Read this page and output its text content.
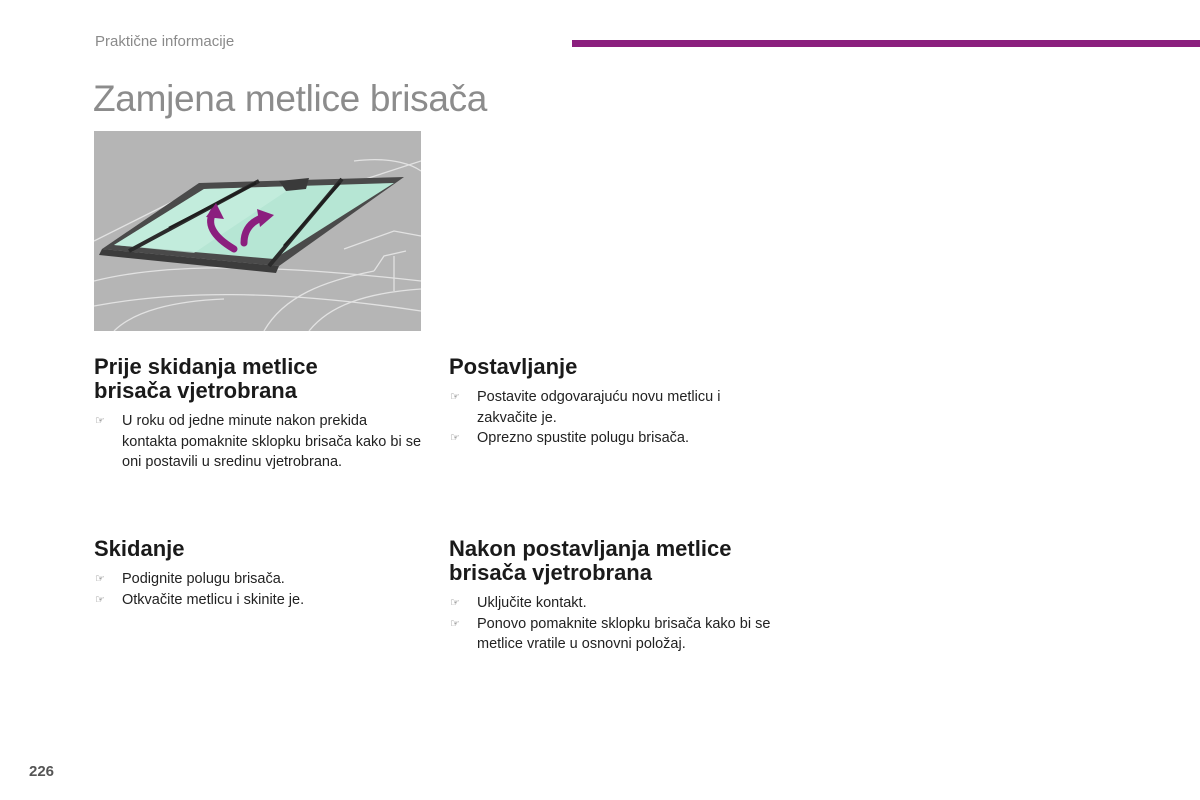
Praktične informacije
Zamjena metlice brisača
Prije skidanja metlice
brisača vjetrobrana
☞ U roku od jedne minute nakon prekida kontakta pomaknite sklopku brisača kako bi se oni postavili u sredinu vjetrobrana.
Postavljanje
☞ Postavite odgovarajuću novu metlicu i zakvačite je.
☞ Oprezno spustite polugu brisača.
Skidanje
☞ Podignite polugu brisača.
☞ Otkvačite metlicu i skinite je.
Nakon postavljanja metlice
brisača vjetrobrana
☞ Uključite kontakt.
☞ Ponovo pomaknite sklopku brisača kako bi se metlice vratile u osnovni položaj.
226
